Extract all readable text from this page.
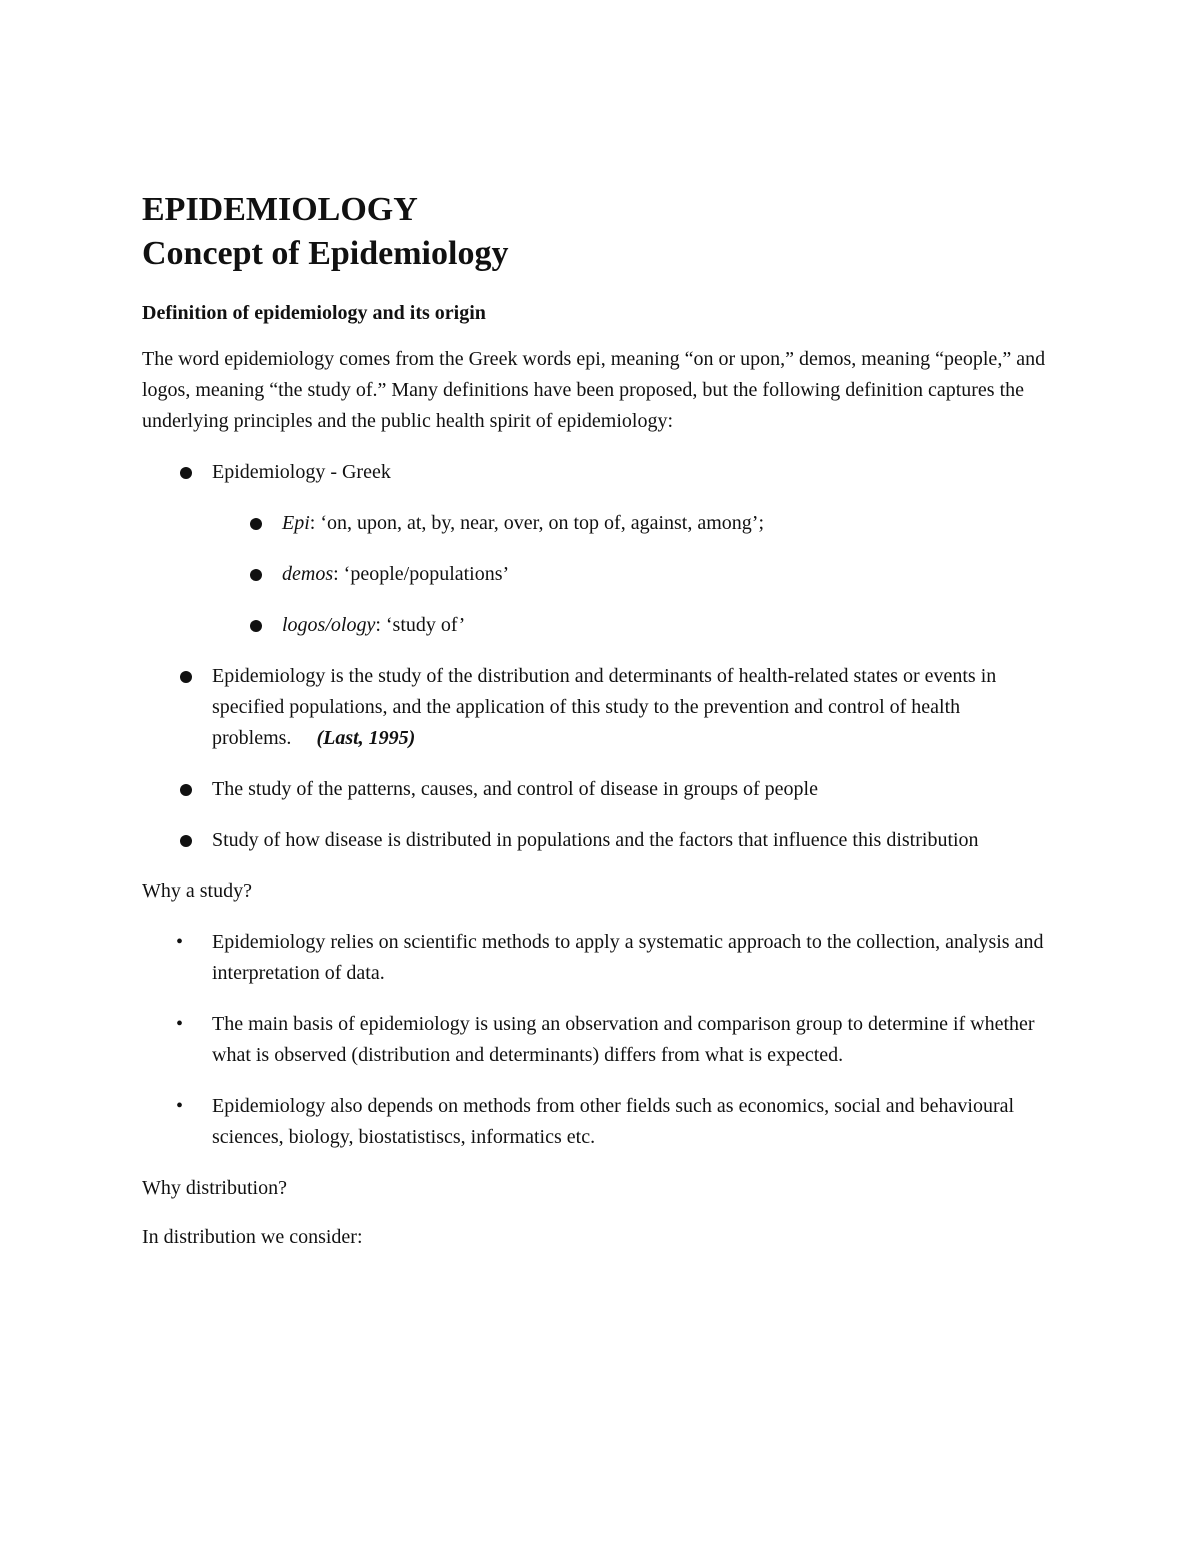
EPIDEMIOLOGY
Concept of Epidemiology
Definition of epidemiology and its origin

The word epidemiology comes from the Greek words epi, meaning “on or upon,” demos, meaning “people,” and logos, meaning “the study of.” Many definitions have been proposed, but the following definition captures the underlying principles and the public health spirit of epidemiology:

Epidemiology - Greek
Epi: ‘on, upon, at, by, near, over, on top of, against, among’;
demos: ‘people/populations’
logos/ology: ‘study of’
Epidemiology is the study of the distribution and determinants of health-related states or events in specified populations, and the application of this study to the prevention and control of health problems. (Last, 1995)
The study of the patterns, causes, and control of disease in groups of people
Study of how disease is distributed in populations and the factors that influence this distribution

Why a study?

• Epidemiology relies on scientific methods to apply a systematic approach to the collection, analysis and interpretation of data.
• The main basis of epidemiology is using an observation and comparison group to determine if whether what is observed (distribution and determinants) differs from what is expected.
• Epidemiology also depends on methods from other fields such as economics, social and behavioural sciences, biology, biostatistiscs, informatics etc.

Why distribution?

In distribution we consider:
